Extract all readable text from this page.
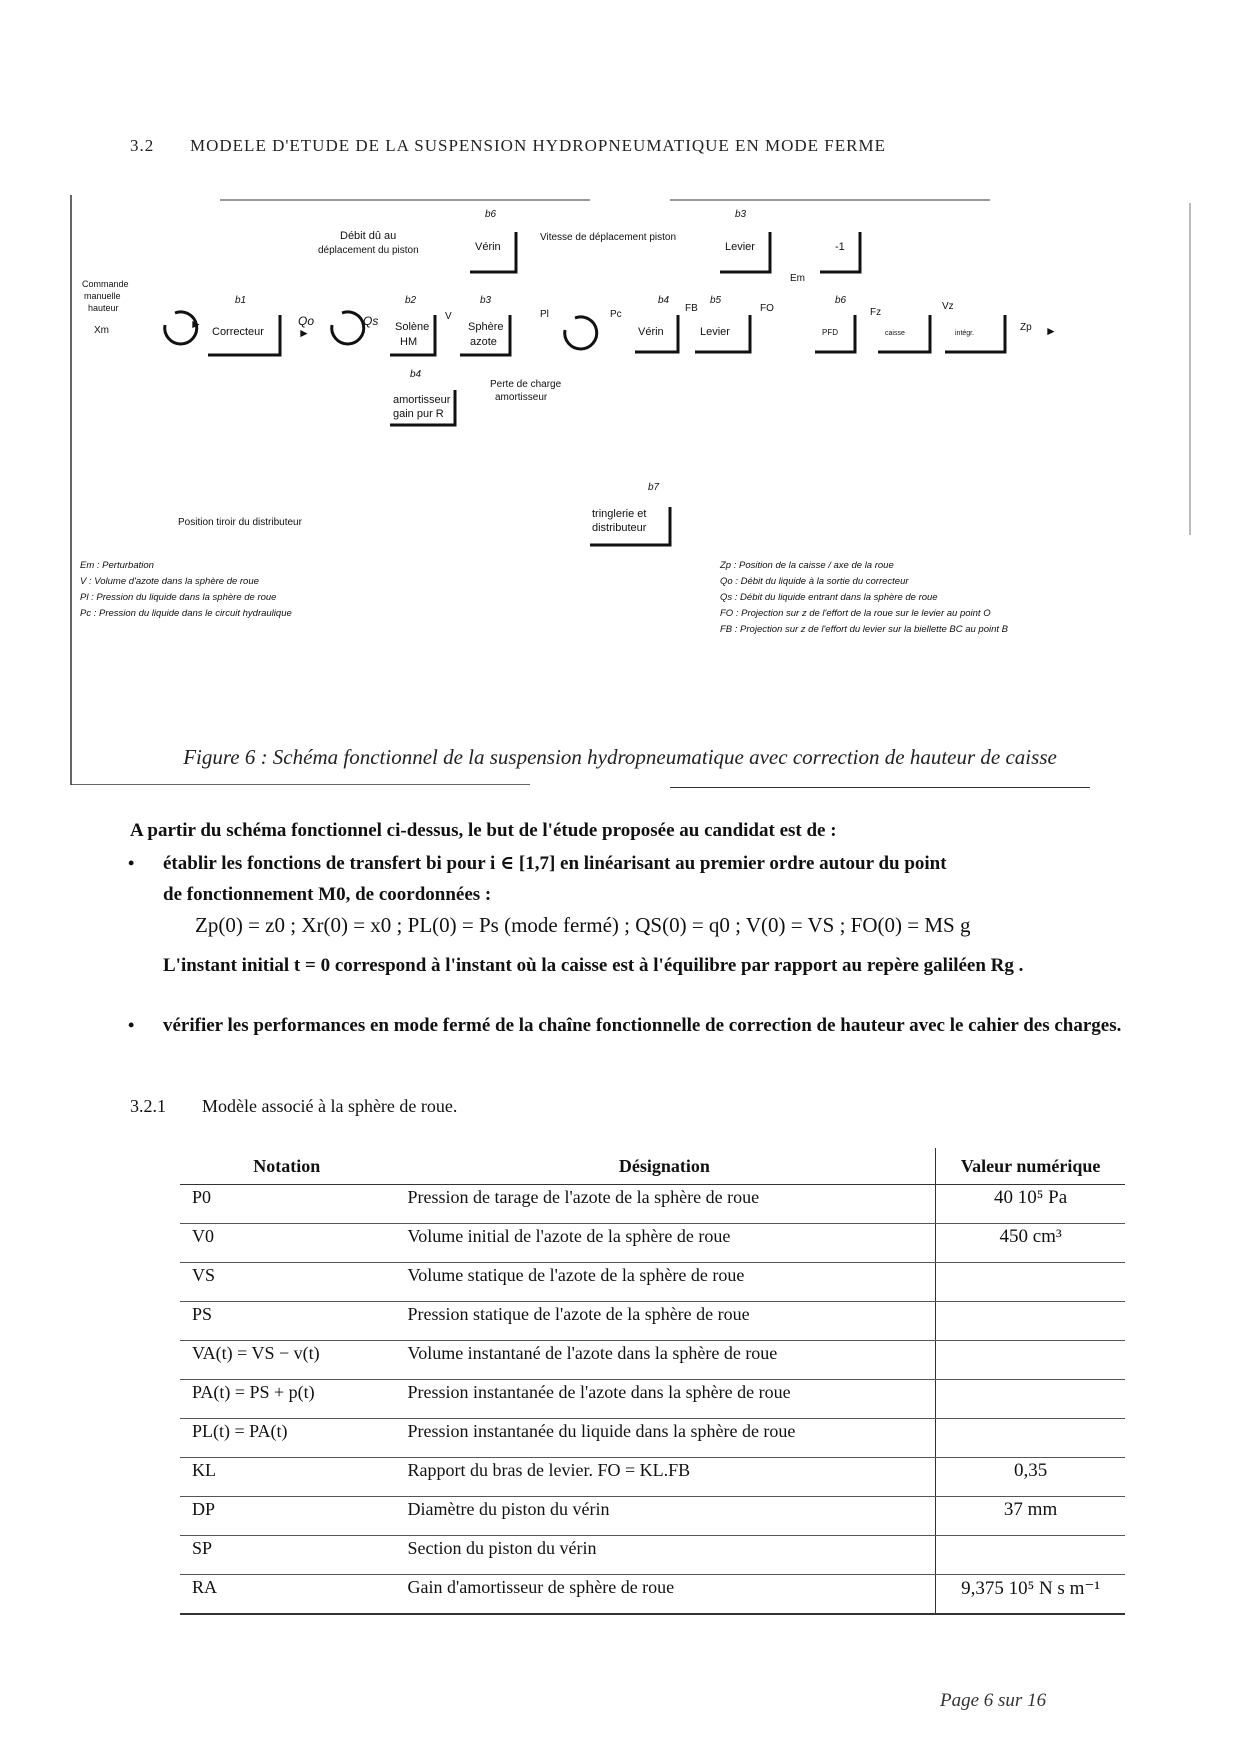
3.2 MODELE D'ETUDE DE LA SUSPENSION HYDROPNEUMATIQUE EN MODE FERME
b6
Débit dû au
déplacement du piston	Vérin
Vitesse de déplacement piston
b3
Levier	-1
Commande
manuelle
hauteur
Xm	►
b1
Correcteur
Qo
►
Qs
b2
Solène
HM
V
b3
Sphère
azote
Pl	Pc
b4
Vérin
FB
b5
Levier
FO
Em
b6
PFD
Fz
caisse
Vz
intégr.
Zp ►
b4
amortisseur
gain pur R
Perte de charge
amortisseur
b7
tringlerie et
distributeur
Position tiroir du distributeur
Em : Perturbation
V : Volume d'azote dans la sphère de roue
Pl : Pression du liquide dans la sphère de roue
Pc : Pression du liquide dans le circuit hydraulique
Zp : Position de la caisse / axe de la roue
Qo : Débit du liquide à la sortie du correcteur
Qs : Débit du liquide entrant dans la sphère de roue
FO : Projection sur z de l'effort de la roue sur le levier au point O
FB : Projection sur z de l'effort du levier sur la biellette BC au point B
Figure 6 : Schéma fonctionnel de la suspension hydropneumatique avec correction de hauteur de caisse
A partir du schéma fonctionnel ci-dessus, le but de l'étude proposée au candidat est de :
• établir les fonctions de transfert bi pour i ∈ [1,7] en linéarisant au premier ordre autour du point
de fonctionnement M0, de coordonnées :
Zp(0) = z0 ; Xr(0) = x0 ; PL(0) = Ps (mode fermé) ; QS(0) = q0 ; V(0) = VS ; FO(0) = MS g
L'instant initial t = 0 correspond à l'instant où la caisse est à l'équilibre par rapport au repère galiléen Rg .
• vérifier les performances en mode fermé de la chaîne fonctionnelle de correction de hauteur avec le cahier des charges.
3.2.1 Modèle associé à la sphère de roue.
Notation	Désignation	Valeur numérique
P0	Pression de tarage de l'azote de la sphère de roue	40 10⁵ Pa
V0	Volume initial de l'azote de la sphère de roue	450 cm³
VS	Volume statique de l'azote de la sphère de roue	
PS	Pression statique de l'azote de la sphère de roue	
VA(t) = VS − v(t)	Volume instantané de l'azote dans la sphère de roue	
PA(t) = PS + p(t)	Pression instantanée de l'azote dans la sphère de roue	
PL(t) = PA(t)	Pression instantanée du liquide dans la sphère de roue	
KL	Rapport du bras de levier. FO = KL.FB	0,35
DP	Diamètre du piston du vérin	37 mm
SP	Section du piston du vérin	
RA	Gain d'amortisseur de sphère de roue	9,375 10⁵ N s m⁻¹
Page 6 sur 16
